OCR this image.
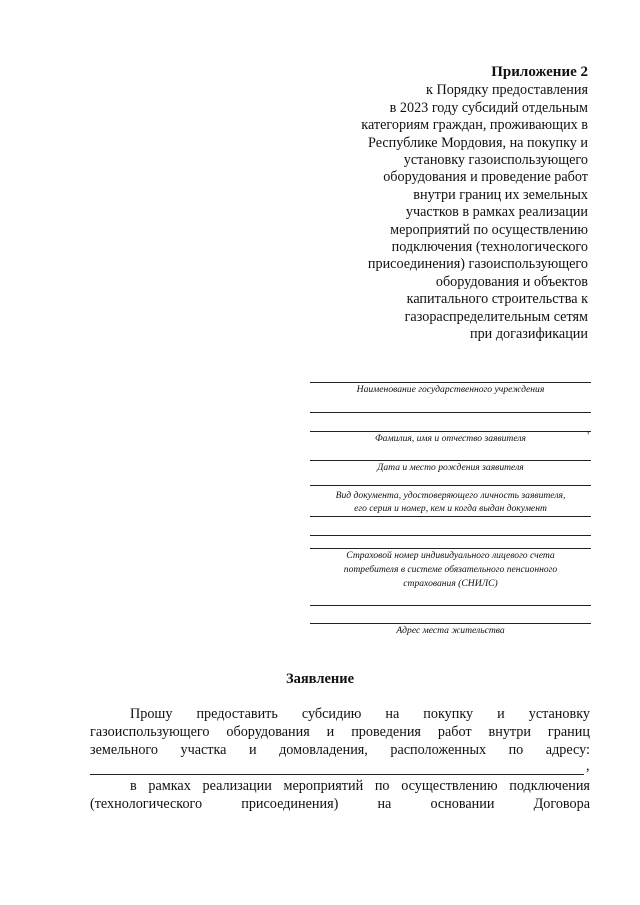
Приложение 2
к Порядку предоставления
в 2023 году субсидий отдельным
категориям граждан, проживающих в
Республике Мордовия, на покупку и
установку газоиспользующего
оборудования и проведение работ
внутри границ их земельных
участков в рамках реализации
мероприятий по осуществлению
подключения (технологического
присоединения) газоиспользующего
оборудования и объектов
капитального строительства к
газораспределительным сетям
при догазификации
Наименование государственного учреждения
Фамилия, имя и отчество заявителя	'
Дата и место рождения заявителя
Вид документа, удостоверяющего личность заявителя,
его серия и номер, кем и когда выдан документ
Страховой номер индивидуального лицевого счета
потребителя в системе обязательного пенсионного
страхования (СНИЛС)
Адрес места жительства
Заявление
Прошу предоставить субсидию на покупку и установку
газоиспользующего оборудования и проведения работ внутри границ
земельного участка и домовладения, расположенных по адресу:
,
в рамках реализации мероприятий по осуществлению подключения
(технологического	присоединения)	на	основании	Договора
